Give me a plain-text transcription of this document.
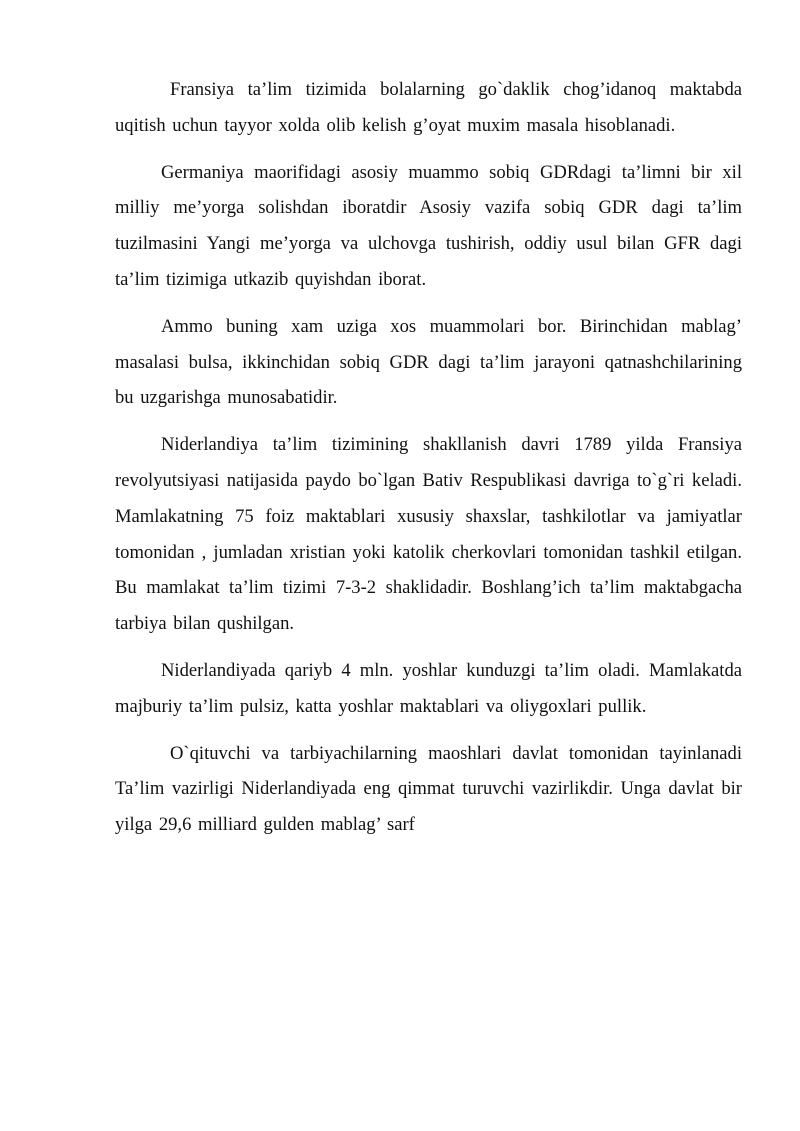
Fransiya ta’lim tizimida bolalarning go`daklik chog’idanoq maktabda uqitish uchun tayyor xolda olib kelish g’oyat muxim masala hisoblanadi.

Germaniya maorifidagi asosiy muammo sobiq GDRdagi ta’limni bir xil milliy me’yorga solishdan iboratdir Asosiy vazifa sobiq GDR dagi ta’lim tuzilmasini Yangi me’yorga va ulchovga tushirish, oddiy usul bilan GFR dagi ta’lim tizimiga utkazib quyishdan iborat.

Ammo buning xam uziga xos muammolari bor. Birinchidan mablag’ masalasi bulsa, ikkinchidan sobiq GDR dagi ta’lim jarayoni qatnashchilarining bu uzgarishga munosabatidir.

Niderlandiya ta’lim tizimining shakllanish davri 1789 yilda Fransiya revolyutsiyasi natijasida paydo bo`lgan Bativ Respublikasi davriga to`g`ri keladi. Mamlakatning 75 foiz maktablari xususiy shaxslar, tashkilotlar va jamiyatlar tomonidan , jumladan xristian yoki katolik cherkovlari tomonidan tashkil etilgan. Bu mamlakat ta’lim tizimi 7-3-2 shaklidadir. Boshlang’ich ta’lim maktabgacha tarbiya bilan qushilgan.

Niderlandiyada qariyb 4 mln. yoshlar kunduzgi ta’lim oladi. Mamlakatda majburiy ta’lim pulsiz, katta yoshlar maktablari va oliygoxlari pullik.

O`qituvchi va tarbiyachilarning maoshlari davlat tomonidan tayinlanadi Ta’lim vazirligi Niderlandiyada eng qimmat turuvchi vazirlikdir. Unga davlat bir yilga 29,6 milliard gulden mablag’ sarf
